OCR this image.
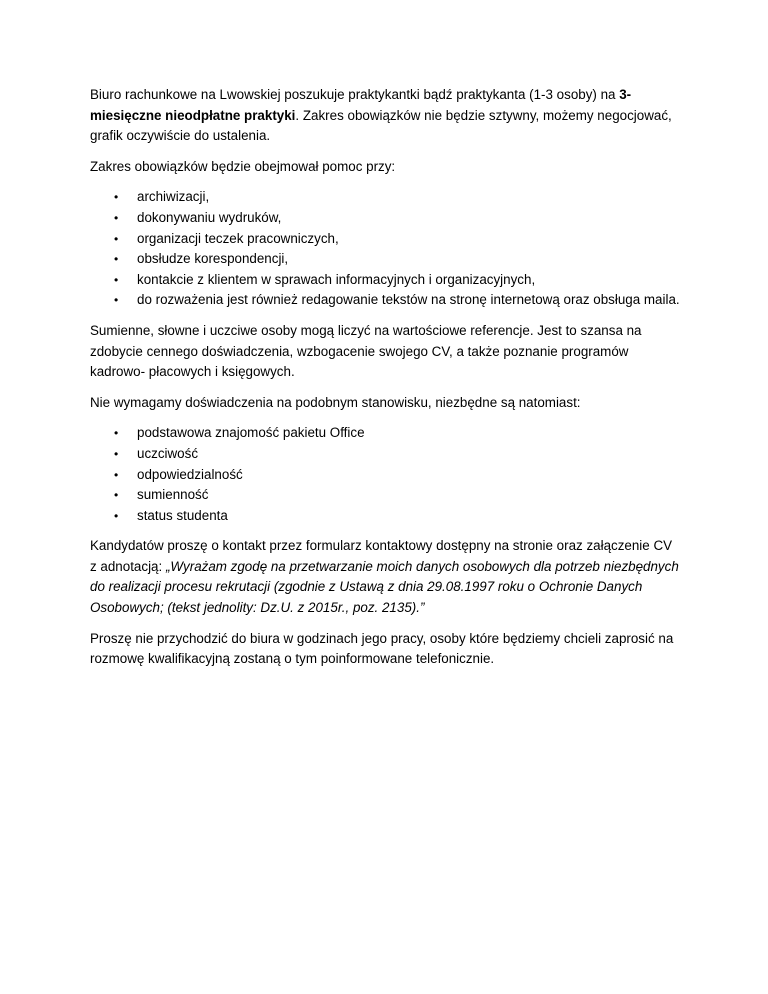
Biuro rachunkowe na Lwowskiej poszukuje praktykantki bądź praktykanta (1-3 osoby) na 3-miesięczne nieodpłatne praktyki. Zakres obowiązków nie będzie sztywny, możemy negocjować, grafik oczywiście do ustalenia.

Zakres obowiązków będzie obejmował pomoc przy:

• archiwizacji,
• dokonywaniu wydruków,
• organizacji teczek pracowniczych,
• obsłudze korespondencji,
• kontakcie z klientem w sprawach informacyjnych i organizacyjnych,
• do rozważenia jest również redagowanie tekstów na stronę internetową oraz obsługa maila.

Sumienne, słowne i uczciwe osoby mogą liczyć na wartościowe referencje. Jest to szansa na zdobycie cennego doświadczenia, wzbogacenie swojego CV, a także poznanie programów kadrowo- płacowych i księgowych.

Nie wymagamy doświadczenia na podobnym stanowisku, niezbędne są natomiast:

• podstawowa znajomość pakietu Office
• uczciwość
• odpowiedzialność
• sumienność
• status studenta

Kandydatów proszę o kontakt przez formularz kontaktowy dostępny na stronie oraz załączenie CV z adnotacją: „Wyrażam zgodę na przetwarzanie moich danych osobowych dla potrzeb niezbędnych do realizacji procesu rekrutacji (zgodnie z Ustawą z dnia 29.08.1997 roku o Ochronie Danych Osobowych; (tekst jednolity: Dz.U. z 2015r., poz. 2135).”

Proszę nie przychodzić do biura w godzinach jego pracy, osoby które będziemy chcieli zaprosić na rozmowę kwalifikacyjną zostaną o tym poinformowane telefonicznie.
